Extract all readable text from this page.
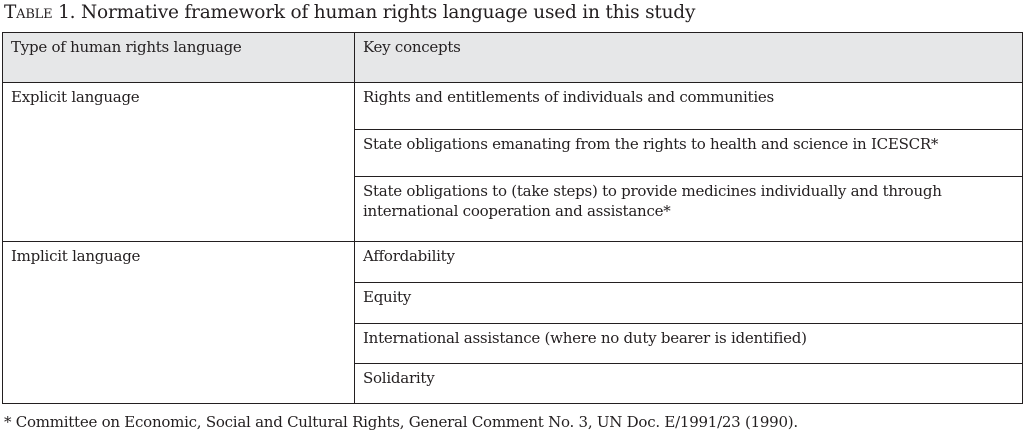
Table 1. Normative framework of human rights language used in this study
Type of human rights language	Key concepts
Explicit language	Rights and entitlements of individuals and communities
	State obligations emanating from the rights to health and science in ICESCR*
	State obligations to (take steps) to provide medicines individually and through international cooperation and assistance*
Implicit language	Affordability
	Equity
	International assistance (where no duty bearer is identified)
	Solidarity
* Committee on Economic, Social and Cultural Rights, General Comment No. 3, UN Doc. E/1991/23 (1990).
